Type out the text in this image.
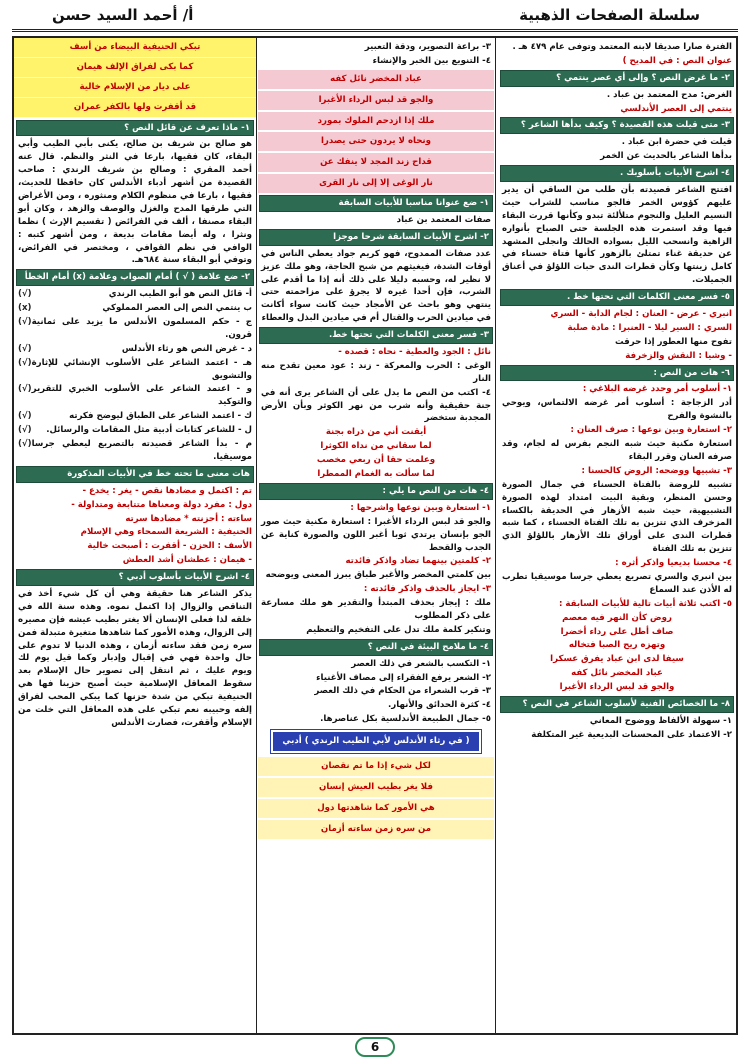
سلسلة الصفحات الذهبية
أ/ أحمد السيد حسن
الفترة صارا صديقا لابنه المعتمد وتوفى عام ٤٧٩ هـ .
عنوان النص : في المديح )
٢- ما غرض النص ؟ وإلى أي عصر ينتمي ؟
الغرض: مدح المعتمد بن عباد .
ينتمي إلى العصر الأندلسي
٣- متى قيلت هذه القصيدة ؟ وكيف بدأها الشاعر ؟
قيلت في حضرة ابن عباد .
بدأها الشاعر بالحديث عن الخمر
٤- اشرح الأبيات بأسلوبك .
افتتح الشاعر قصيدته بأن طلب من الساقي أن يدير عليهم كؤوس الخمر فالجو مناسب للشراب حيث النسيم العليل والنجوم متلألئة تبدو وكأنها قررت البقاء فيها وقد استمرت هذه الجلسة حتى الصباح بأنواره الزاهية وانسحب الليل بسواده الحالك وانجلى المشهد عن حديقة غناء تمتلئ بالزهور كأنها فتاة حسناء في كامل زينتها وكأن قطرات الندى حبات اللؤلؤ في أعناق الجميلات.
٥- فسر معنى الكلمات التي تحتها خط .
انبري - عرض - العنان : لجام الدابة - السري
السري : السير ليلا - العنبرا : مادة صلبة
تفوح منها العطور إذا حرقت
- وشيا : النقش والزخرفة
٦- هات من النص :
١- أسلوب أمر وحدد غرضه البلاغي :
أدر الزجاجة : أسلوب أمر غرضه الالتماس، ويوحي بالنشوة والفرح
٢- استعارة وبين نوعها : صرف العنان :
استعارة مكنية حيث شبه النجم بفرس له لجام، وقد صرفه العنان وقرر البقاء
٣- تشبيها ووضحه: الروض كالحسنا :
تشبيه للروضة بالفتاة الحسناء في جمال الصورة وحسن المنظر، وبقية البيت امتداد لهذه الصورة التشبيهية، حيث شبه الأزهار في الحديقة بالكساء المزخرف الذي تتزين به تلك الفتاة الحسناء ، كما شبه قطرات الندى على أوراق تلك الأزهار باللؤلؤ الذي تتزين به تلك الفتاة
٤- محسنا بديعيا واذكر أثره :
بين انبري والسري تصريع يعطي جرسا موسيقيا تطرب له الأذن عند السماع
٥- اكتب ثلاثة أبيات تالية للأبيات السابقة :
روض كأن النهر فيه معصم
صاف أطل على رداء أخضرا
وتهزه ريح الصبا فتخاله
سيفا لدى ابن عباد يفرق عسكرا
عباد المخضر نائل كفه
والجو قد لبس الرداء الأغبرا
٨- ما الخصائص الفنية لأسلوب الشاعر في النص ؟
١- سهولة الألفاظ ووضوح المعاني
٢- الاعتماد على المحسنات البديعية غير المتكلفة
٣- براعة التصوير، ودقة التعبير
٤- التنويع بين الخبر والإنشاء
عباد المخضر نائل كفه
والجو قد لبس الرداء الأغبرا
ملك إذا ازدحم الملوك بمورد
ونحاه لا يردون حتى يصدرا
قداح زند المجد لا ينفك عن
نار الوغى إلا إلى نار القرى
١- ضع عنوانا مناسبا للأبيات السابقة
صفات المعتمد بن عباد
٢- اشرح الأبيات السابقة شرحا موجزا
عدد صفات الممدوح، فهو كريم جواد يعطي الناس في أوقات الشدة، فيغيثهم من شبح الحاجة، وهو ملك عزيز لا نظير له، وحسبه دليلا على ذلك أنه إذا ما أقدم على الشرب، فإن أحدا غيره لا يجرؤ على مزاحمته حتى ينتهي وهو باحث عن الأمجاد حيث كانت سواء أكانت في ميادين الحرب والقتال أم في ميادين البذل والعطاء
٣- فسر معنى الكلمات التي تحتها خط.
نائل : الجود والعطية - نحاه : قصده -
الوغى : الحرب والمعركة - زند : عود معين تقدح منه النار
٤- اكتب من النص ما يدل على أن الشاعر يرى أنه في جنة حقيقية وأنه شرب من نهر الكوثر وبأن الأرض المجدبة ستخضر
أيقنت أني من ذراه بجنة
لما سقاني من نداه الكوثرا
وعلمت حقا أن ربعي مخصب
لما سألت به الغمام الممطرا
٤- هات من النص ما يلي :
١- استعارة وبين نوعها واشرحها :
والجو قد لبس الرداء الأغبرا : استعارة مكنية حيث صور الجو بإنسان يرتدي ثوبا أغبر اللون والصورة كناية عن الجدب والقحط
٢- كلمتين بينهما تضاد واذكر فائدته
بين كلمتي المخضر والأغبر طباق يبرز المعنى ويوضحه
٣- ايجاز بالحذف واذكر فائدته :
ملك : إيجاز بحذف المبتدأ والتقدير هو ملك مسارعة على ذكر المطلوب
وتنكير كلمة ملك تدل على التفخيم والتعظيم
٤- ما ملامح البيئة في النص ؟
١- التكسب بالشعر في ذلك العصر
٢- الشعر يرفع الفقراء إلى مصاف الأغنياء
٣- قرب الشعراء من الحكام في ذلك العصر
٤- كثرة الحدائق والأنهار.
٥- جمال الطبيعة الأندلسية بكل عناصرها.
( في رثاء الأندلس لأبي الطيب الرندي ) أدبي
لكل شيء إذا ما تم نقصان
فلا يغر بطيب العيش إنسان
هي الأمور كما شاهدتها دول
من سره زمن ساءته أزمان
تبكي الحنيفية البيضاء من أسف
كما بكى لفراق الإلف هيمان
على ديار من الإسلام خالية
قد أقفرت ولها بالكفر عمران
١- ماذا تعرف عن قائل النص ؟
هو صالح بن شريف بن صالح، يكنى بأبي الطيب وأبي البقاء، كان فقيها، بارعا في النثر والنظم. قال عنه أحمد المقري : وصالح بن شريف الرندي : صاحب القصيدة من أشهر أدباء الأندلس كان حافظا للحديث، فقيها ، بارعا في منظوم الكلام ومنثوره ، ومن الأغراض التي طرقها المدح والغزل والوصف والزهد ، وكان أبو البقاء مصنفا ، ألف في الفرائض ( تقسيم الإرث ) نظما ونثرا ، وله أيضا مقامات بديعة ، ومن أشهر كتبه : الوافي في نظم القوافي ، ومختصر في الفرائض، وتوفي أبو البقاء سنة ٦٨٤هـ.
٢- ضع علامة ( √ ) أمام الصواب وعلامة (x) أمام الخطأ
أ- قائل النص هو أبو الطيب الرندي
(√)
ب ينتمي النص إلى العصر المملوكي
(x)
ج - حكم المسلمون الأندلس ما يزيد على ثمانية قرون.
(√)
د - غرض النص هو رثاء الأندلس
(√)
هـ - اعتمد الشاعر على الأسلوب الإنشائي للإثارة والتشويق
(√)
و - اعتمد الشاعر على الأسلوب الخبري للتقرير والتوكيد
(√)
ك - اعتمد الشاعر على الطباق ليوضح فكرته
(√)
ل - للشاعر كتابات أدبية مثل المقامات والرسائل.
(√)
م - بدأ الشاعر قصيدته بالتصريع ليعطي جرسا موسيقيا.
(√)
هات معنى ما تحته خط في الأبيات المذكورة
تم : اكتمل و مضادها نقص - يغر : يخدع -
دول : مفرد دولة ومعناها متتابعة ومتداولة -
ساءته : أحزنته * مضادها سرته
الحنيفية : الشريعة السمحاء وهي الإسلام
الأسف : الحزن - أقفرت : أصبحت خالية
- هيمان : عطشان أشد العطش
٤- اشرح الأبيات بأسلوب أدبي ؟
يذكر الشاعر هنا حقيقة وهي أن كل شيء أخذ في التناقص والزوال إذا اكتمل نموه. وهذه سنة الله في خلقه لذا فعلى الإنسان ألا يغتر بطيب عيشه فإن مصيره إلى الزوال، وهذه الأمور كما شاهدها متغيرة متبدلة فمن سره زمن فقد ساءته أزمان ، وهذه الدنيا لا تدوم على حال واحدة فهي في إقبال وإدبار وكما قيل يوم لك ويوم عليك ، ثم انتقل إلى تصوير حال الإسلام بعد سقوط المعاقل الإسلامية حيث أصبح حزينا فها هي الحنيفية تبكي من شدة حزنها كما يبكي المحب لفراق إلفه وحبيبه نعم تبكي على هذه المعاقل التي خلت من الإسلام وأقفرت، فصارت الأندلس
6
